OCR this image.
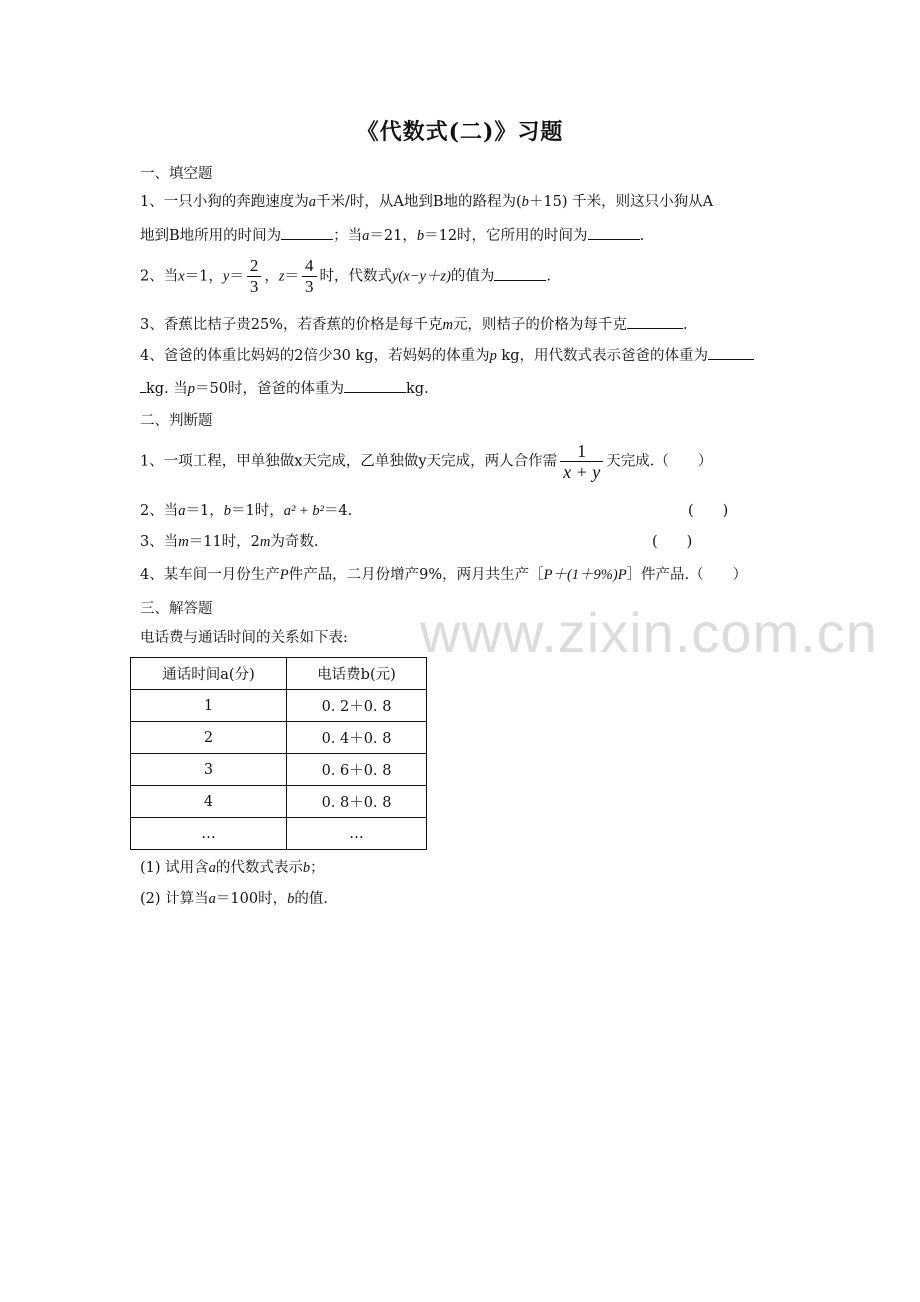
www.zixin.com.cn
《代数式(二)》习题
一、填空题
1、一只小狗的奔跑速度为a千米/时，从A地到B地的路程为(b＋15) 千米，则这只小狗从A
地到B地所用的时间为	；当a＝21，b＝12时，它所用的时间为	.
2、当x＝1，$y= \frac{2}{3}$ ，$z= \frac{4}{3}$ 时，代数式y(x−y＋z)的值为	.
3、香蕉比桔子贵25%，若香蕉的价格是每千克m元，则桔子的价格为每千克	.
4、爸爸的体重比妈妈的2倍少30 kg，若妈妈的体重为p kg，用代数式表示爸爸的体重为
kg. 当p＝50时，爸爸的体重为	kg.
二、判断题
1、一项工程，甲单独做x天完成，乙单独做y天完成，两人合作需 $\frac{1}{x + y}$ 天完成.（　　）
2、当a＝1，b＝1时，a² + b²＝4.	(　　)
3、当m＝11时，2m为奇数.	(　　)
4、某车间一月份生产P件产品，二月份增产9%，两月共生产［P＋(1＋9%)P］件产品.（　　）
三、解答题
电话费与通话时间的关系如下表:
通话时间a(分)	电话费b(元)
1	0. 2＋0. 8
2	0. 4＋0. 8
3	0. 6＋0. 8
4	0. 8＋0. 8
…	…
(1) 试用含a的代数式表示b；
(2) 计算当a＝100时，b的值.
